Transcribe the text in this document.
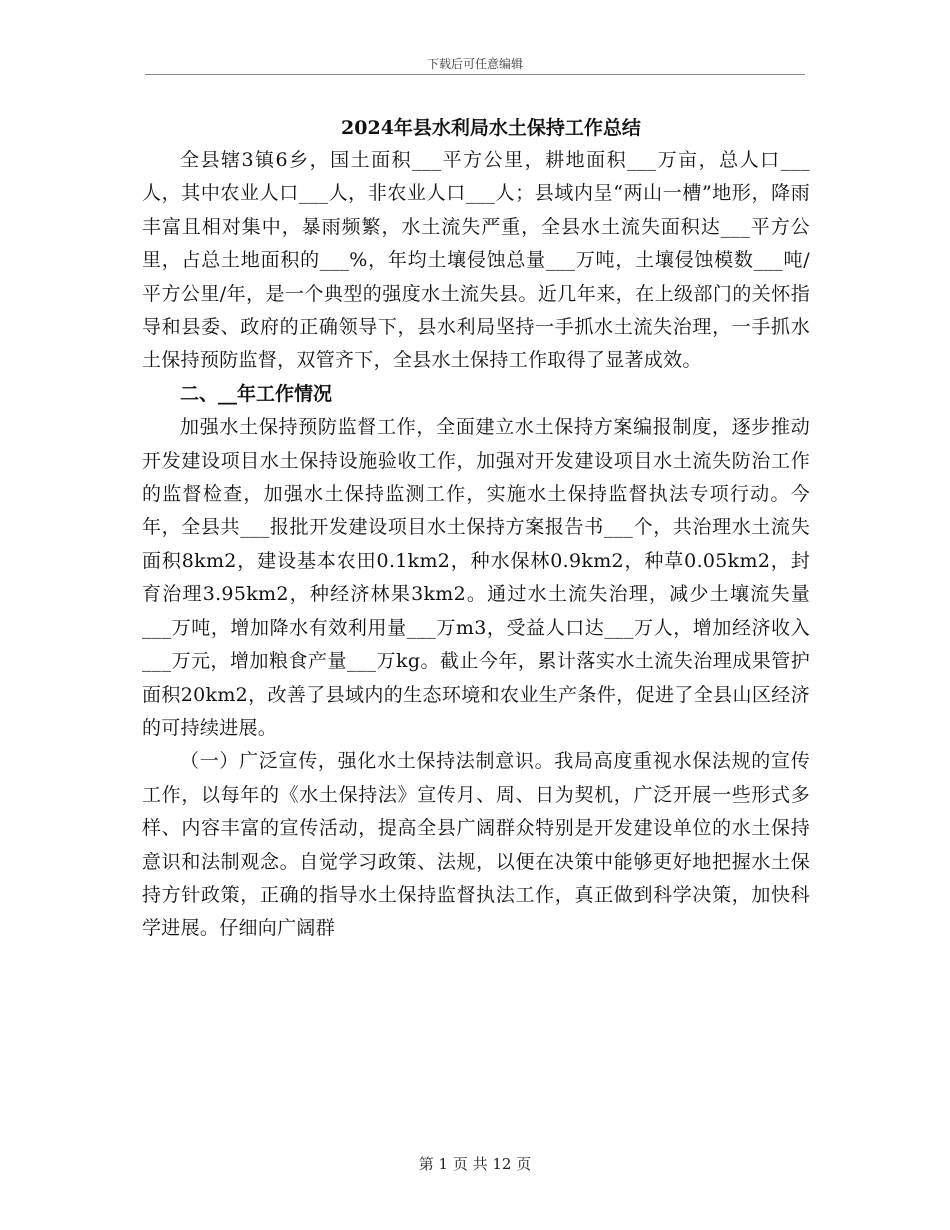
下载后可任意编辑
2024年县水利局水土保持工作总结

全县辖3镇6乡，国土面积___平方公里，耕地面积___万亩，总人口___人，其中农业人口___人，非农业人口___人；县域内呈“两山一槽”地形，降雨丰富且相对集中，暴雨频繁，水土流失严重，全县水土流失面积达___平方公里，占总土地面积的___%，年均土壤侵蚀总量___万吨，土壤侵蚀模数___吨/平方公里/年，是一个典型的强度水土流失县。近几年来，在上级部门的关怀指导和县委、政府的正确领导下，县水利局坚持一手抓水土流失治理，一手抓水土保持预防监督，双管齐下，全县水土保持工作取得了显著成效。

二、__年工作情况

加强水土保持预防监督工作，全面建立水土保持方案编报制度，逐步推动开发建设项目水土保持设施验收工作，加强对开发建设项目水土流失防治工作的监督检查，加强水土保持监测工作，实施水土保持监督执法专项行动。今年，全县共___报批开发建设项目水土保持方案报告书___个，共治理水土流失面积8km2，建设基本农田0.1km2，种水保林0.9km2，种草0.05km2，封育治理3.95km2，种经济林果3km2。通过水土流失治理，减少土壤流失量___万吨，增加降水有效利用量___万m3，受益人口达___万人，增加经济收入___万元，增加粮食产量___万kg。截止今年，累计落实水土流失治理成果管护面积20km2，改善了县域内的生态环境和农业生产条件，促进了全县山区经济的可持续进展。

（一）广泛宣传，强化水土保持法制意识。我局高度重视水保法规的宣传工作，以每年的《水土保持法》宣传月、周、日为契机，广泛开展一些形式多样、内容丰富的宣传活动，提高全县广阔群众特别是开发建设单位的水土保持意识和法制观念。自觉学习政策、法规，以便在决策中能够更好地把握水土保持方针政策，正确的指导水土保持监督执法工作，真正做到科学决策，加快科学进展。仔细向广阔群

第 1 页 共 12 页
